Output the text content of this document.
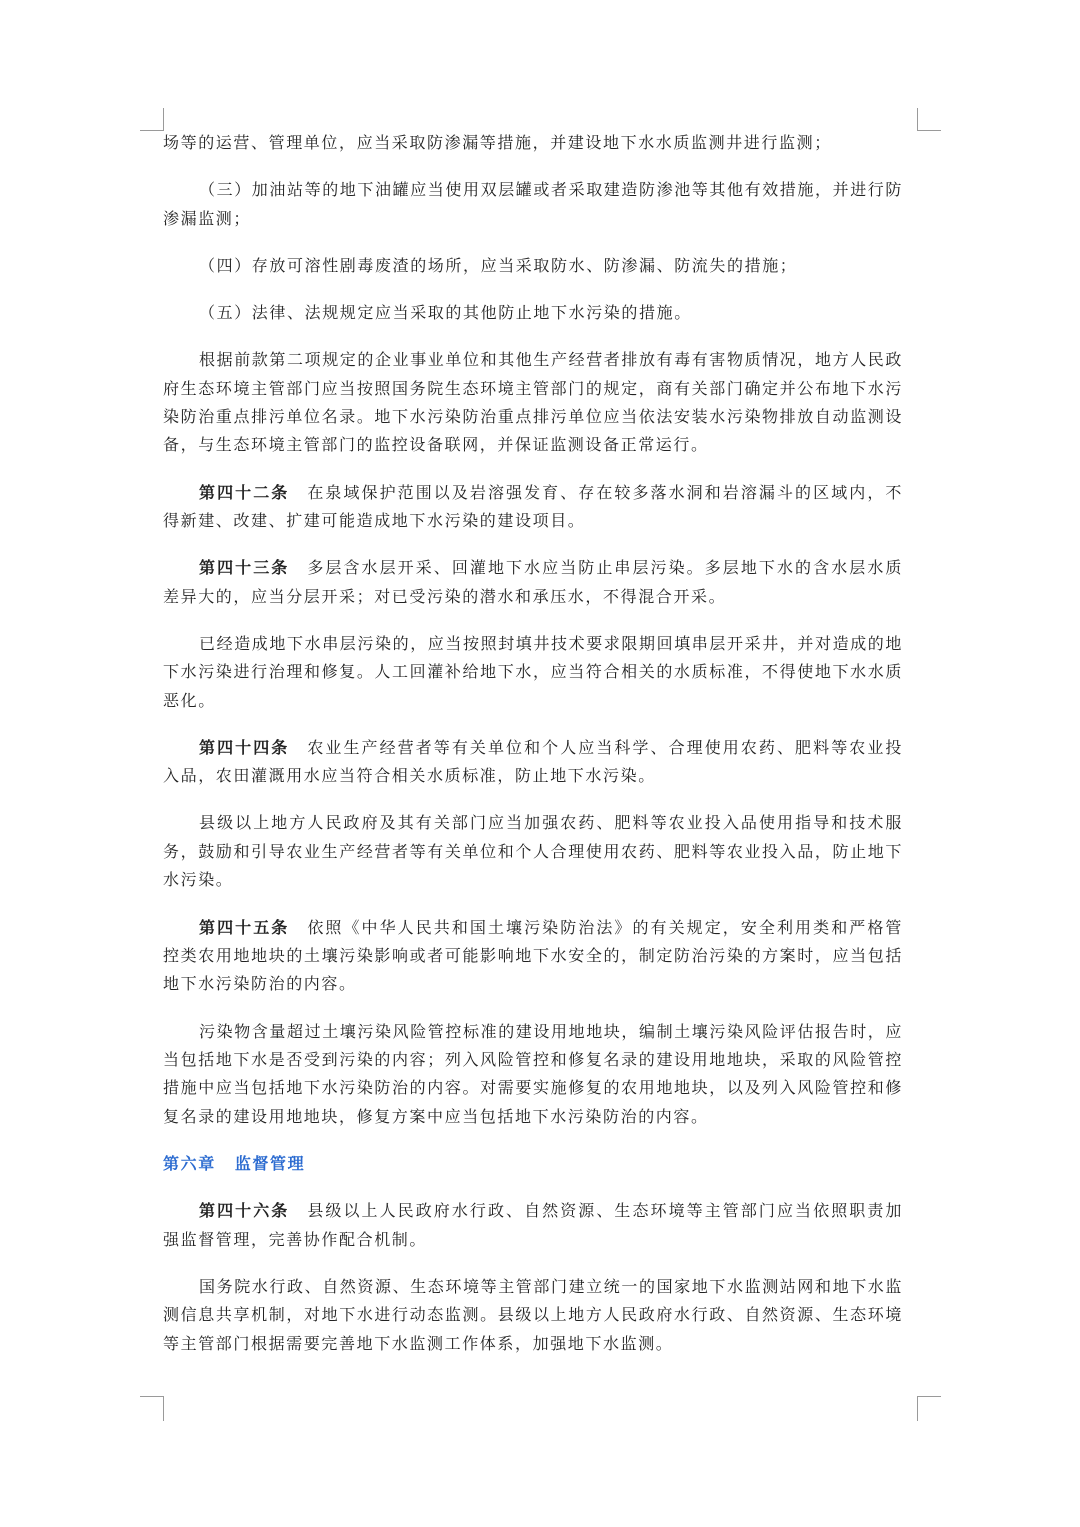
场等的运营、管理单位，应当采取防渗漏等措施，并建设地下水水质监测井进行监测；

（三）加油站等的地下油罐应当使用双层罐或者采取建造防渗池等其他有效措施，并进行防渗漏监测；

（四）存放可溶性剧毒废渣的场所，应当采取防水、防渗漏、防流失的措施；

（五）法律、法规规定应当采取的其他防止地下水污染的措施。

根据前款第二项规定的企业事业单位和其他生产经营者排放有毒有害物质情况，地方人民政府生态环境主管部门应当按照国务院生态环境主管部门的规定，商有关部门确定并公布地下水污染防治重点排污单位名录。地下水污染防治重点排污单位应当依法安装水污染物排放自动监测设备，与生态环境主管部门的监控设备联网，并保证监测设备正常运行。

第四十二条 在泉域保护范围以及岩溶强发育、存在较多落水洞和岩溶漏斗的区域内，不得新建、改建、扩建可能造成地下水污染的建设项目。

第四十三条 多层含水层开采、回灌地下水应当防止串层污染。多层地下水的含水层水质差异大的，应当分层开采；对已受污染的潜水和承压水，不得混合开采。

已经造成地下水串层污染的，应当按照封填井技术要求限期回填串层开采井，并对造成的地下水污染进行治理和修复。人工回灌补给地下水，应当符合相关的水质标准，不得使地下水水质恶化。

第四十四条 农业生产经营者等有关单位和个人应当科学、合理使用农药、肥料等农业投入品，农田灌溉用水应当符合相关水质标准，防止地下水污染。

县级以上地方人民政府及其有关部门应当加强农药、肥料等农业投入品使用指导和技术服务，鼓励和引导农业生产经营者等有关单位和个人合理使用农药、肥料等农业投入品，防止地下水污染。

第四十五条 依照《中华人民共和国土壤污染防治法》的有关规定，安全利用类和严格管控类农用地地块的土壤污染影响或者可能影响地下水安全的，制定防治污染的方案时，应当包括地下水污染防治的内容。

污染物含量超过土壤污染风险管控标准的建设用地地块，编制土壤污染风险评估报告时，应当包括地下水是否受到污染的内容；列入风险管控和修复名录的建设用地地块，采取的风险管控措施中应当包括地下水污染防治的内容。对需要实施修复的农用地地块，以及列入风险管控和修复名录的建设用地地块，修复方案中应当包括地下水污染防治的内容。

第六章 监督管理

第四十六条 县级以上人民政府水行政、自然资源、生态环境等主管部门应当依照职责加强监督管理，完善协作配合机制。

国务院水行政、自然资源、生态环境等主管部门建立统一的国家地下水监测站网和地下水监测信息共享机制，对地下水进行动态监测。县级以上地方人民政府水行政、自然资源、生态环境等主管部门根据需要完善地下水监测工作体系，加强地下水监测。
